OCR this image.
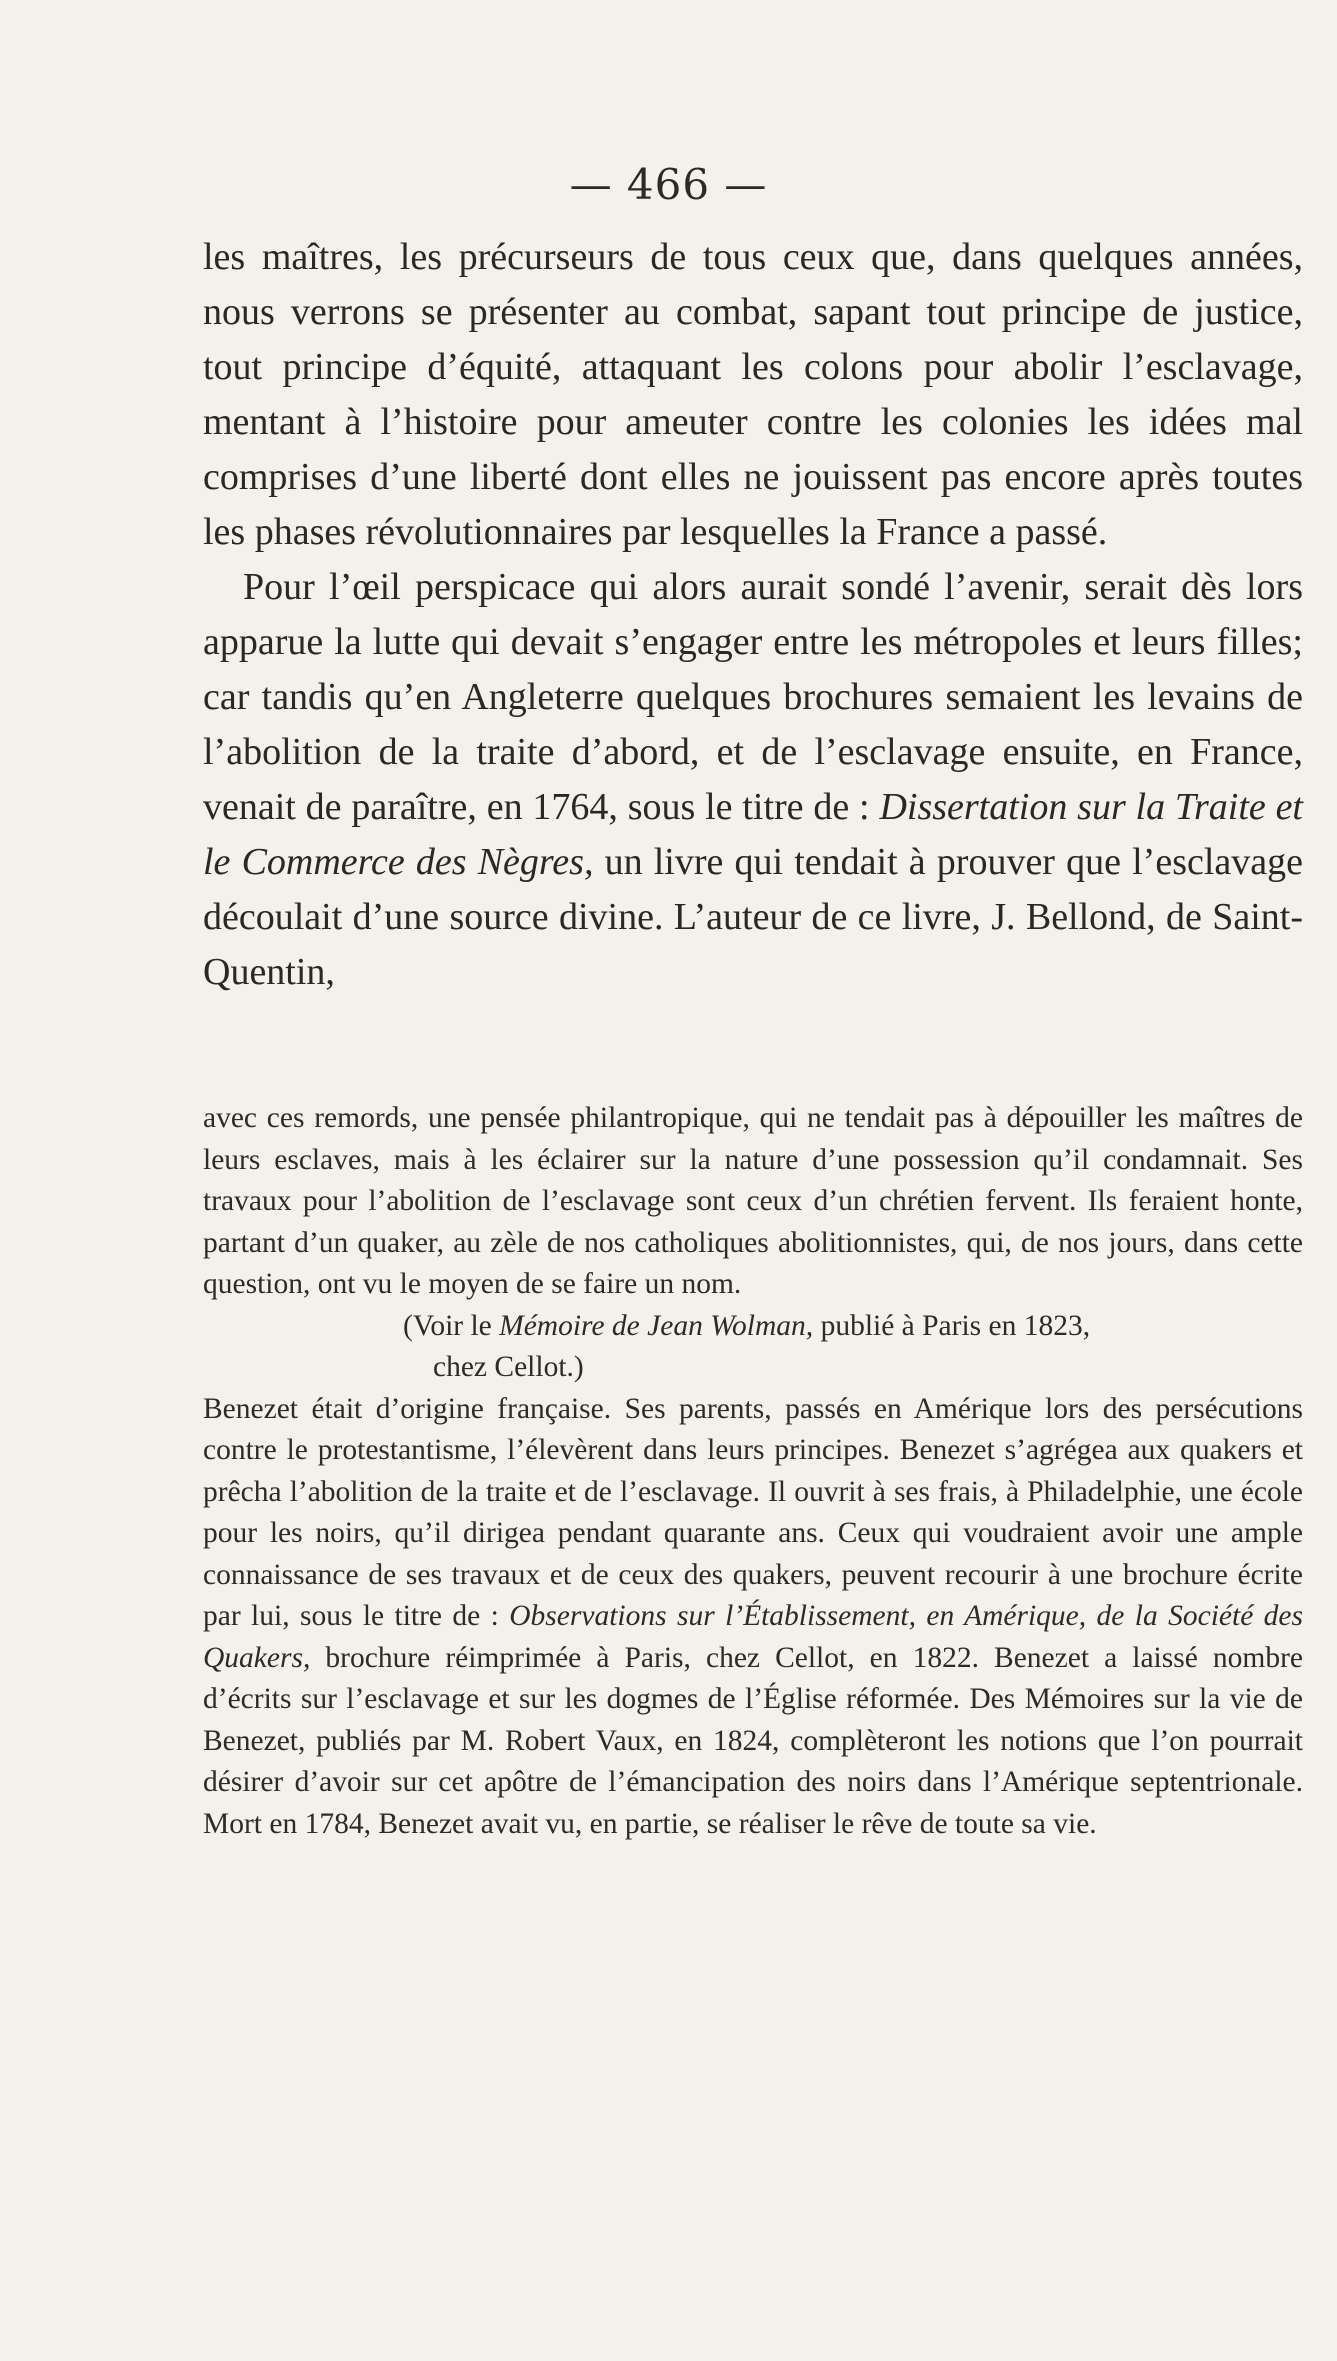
— 466 —

les maîtres, les précurseurs de tous ceux que, dans quelques années, nous verrons se présenter au combat, sapant tout principe de justice, tout principe d’équité, attaquant les colons pour abolir l’esclavage, mentant à l’histoire pour ameuter contre les colonies les idées mal comprises d’une liberté dont elles ne jouissent pas encore après toutes les phases révolutionnaires par lesquelles la France a passé.

Pour l’œil perspicace qui alors aurait sondé l’avenir, serait dès lors apparue la lutte qui devait s’engager entre les métropoles et leurs filles; car tandis qu’en Angleterre quelques brochures semaient les levains de l’abolition de la traite d’abord, et de l’esclavage ensuite, en France, venait de paraître, en 1764, sous le titre de : Dissertation sur la Traite et le Commerce des Nègres, un livre qui tendait à prouver que l’esclavage découlait d’une source divine. L’auteur de ce livre, J. Bellond, de Saint-Quentin,

avec ces remords, une pensée philantropique, qui ne tendait pas à dépouiller les maîtres de leurs esclaves, mais à les éclairer sur la nature d’une possession qu’il condamnait. Ses travaux pour l’abolition de l’esclavage sont ceux d’un chrétien fervent. Ils feraient honte, partant d’un quaker, au zèle de nos catholiques abolitionnistes, qui, de nos jours, dans cette question, ont vu le moyen de se faire un nom.

(Voir le Mémoire de Jean Wolman, publié à Paris en 1823,

chez Cellot.)

Benezet était d’origine française. Ses parents, passés en Amérique lors des persécutions contre le protestantisme, l’élevèrent dans leurs principes. Benezet s’agrégea aux quakers et prêcha l’abolition de la traite et de l’esclavage. Il ouvrit à ses frais, à Philadelphie, une école pour les noirs, qu’il dirigea pendant quarante ans. Ceux qui voudraient avoir une ample connaissance de ses travaux et de ceux des quakers, peuvent recourir à une brochure écrite par lui, sous le titre de : Observations sur l’Établissement, en Amérique, de la Société des Quakers, brochure réimprimée à Paris, chez Cellot, en 1822. Benezet a laissé nombre d’écrits sur l’esclavage et sur les dogmes de l’Église réformée. Des Mémoires sur la vie de Benezet, publiés par M. Robert Vaux, en 1824, complèteront les notions que l’on pourrait désirer d’avoir sur cet apôtre de l’émancipation des noirs dans l’Amérique septentrionale. Mort en 1784, Benezet avait vu, en partie, se réaliser le rêve de toute sa vie.
